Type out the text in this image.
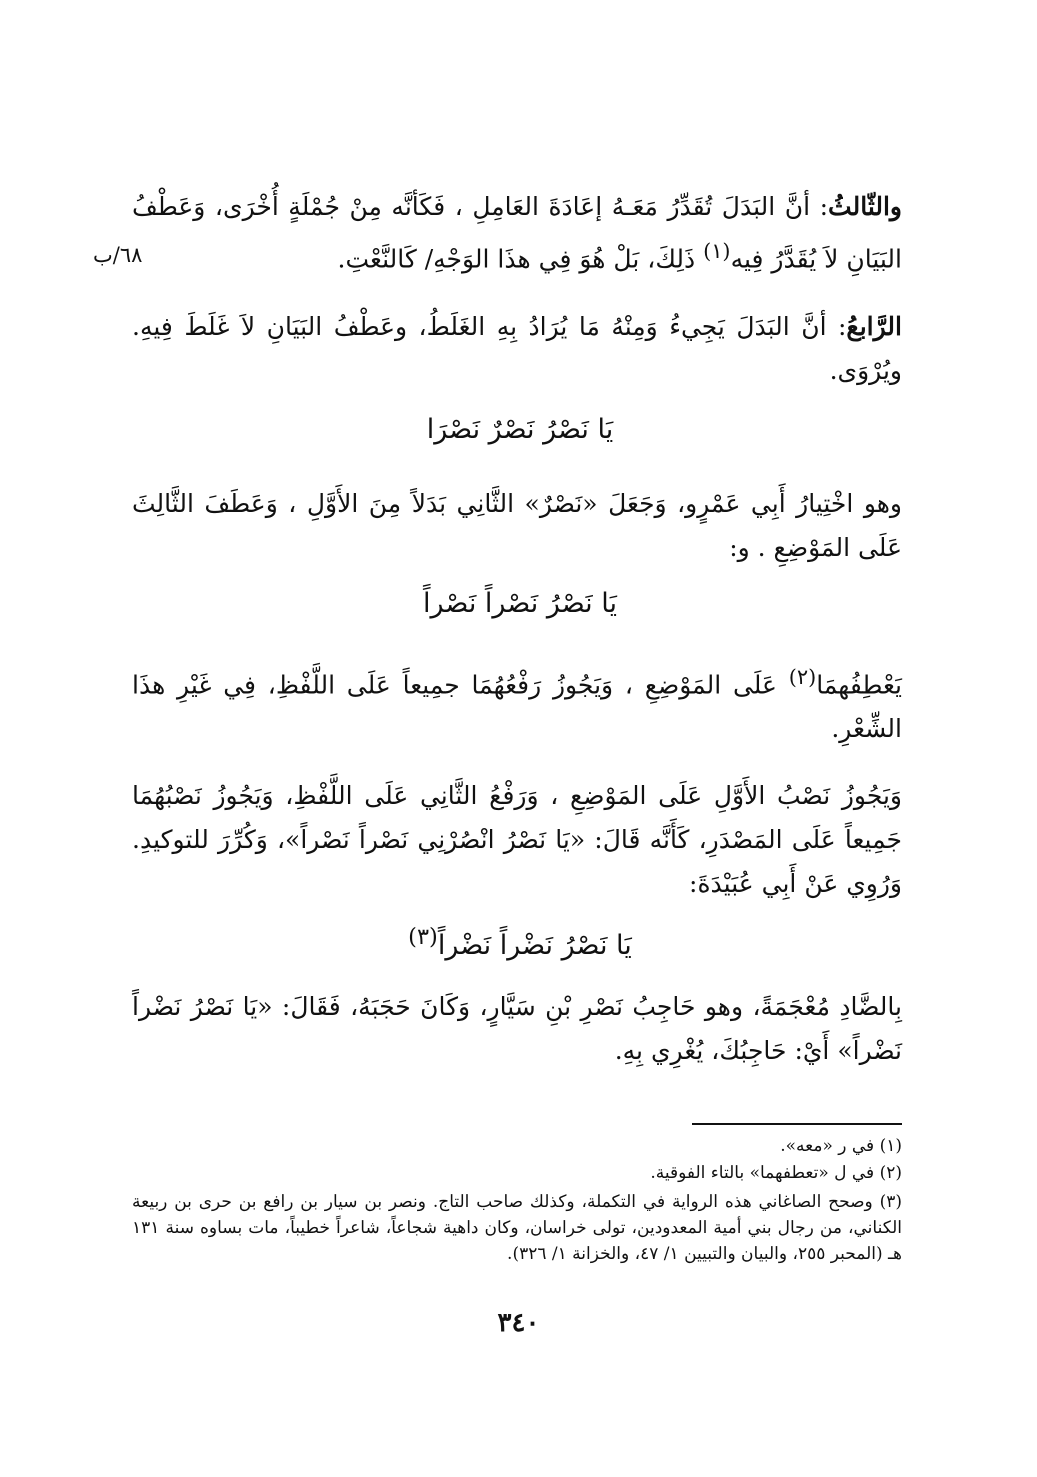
٦٨/ب

والثّالثُ: أنَّ البَدَلَ تُقَدِّرُ مَعَـهُ إعَادَةَ العَامِلِ ، فَكَأنَّه مِنْ جُمْلَةٍ أُخْرَى، وَعَطْفُ البَيَانِ لاَ يُقَدَّرُ فِيه$^{(١)}$ ذَلِكَ، بَلْ هُوَ فِي هذَا الوَجْهِ/ كَالنَّعْتِ.

الرَّابعُ: أنَّ البَدَلَ يَجِيءُ وَمِنْهُ مَا يُرَادُ بِهِ الغَلَطُ، وعَطْفُ البَيَانِ لاَ غَلَطَ فِيهِ. ويُرْوَى.

يَا نَصْرُ نَصْرٌ نَصْرَا

وهو اخْتِيارُ أَبِي عَمْرٍو، وَجَعَلَ «نَصْرٌ» الثَّانِي بَدَلاً مِنَ الأَوَّلِ ، وَعَطَفَ الثَّالِثَ عَلَى المَوْضِعِ . و:

يَا نَصْرُ نَصْراً نَصْراً

يَعْطِفُهمَا$^{(٢)}$ عَلَى المَوْضِعِ ، وَيَجُوزُ رَفْعُهُمَا جمِيعاً عَلَى اللَّفْظِ، فِي غَيْرِ هذَا الشِّعْرِ.

وَيَجُوزُ نَصْبُ الأَوَّلِ عَلَى المَوْضِعِ ، وَرَفْعُ الثَّانِي عَلَى اللَّفْظِ، وَيَجُوزُ نَصْبُهُمَا جَمِيعاً عَلَى المَصْدَرِ، كَأَنَّه قَالَ: «يَا نَصْرُ انْصُرْنِي نَصْراً نَصْراً»، وَكُرِّرَ للتوكيدِ. وَرُوِي عَنْ أَبِي عُبَيْدَةَ:

يَا نَصْرُ نَضْراً نَضْراً$^{(٣)}$

بِالضَّادِ مُعْجَمَةً، وهو حَاجِبُ نَصْرِ بْنِ سَيَّارٍ، وَكَانَ حَجَبَهُ، فَقَالَ: «يَا نَصْرُ نَضْراً نَضْراً» أَيْ: حَاجِبُكَ، يُغْرِي بِهِ.

(١) في ر «معه».

(٢) في ل «تعطفهما» بالتاء الفوقية.

(٣) وصحح الصاغاني هذه الرواية في التكملة، وكذلك صاحب التاج. ونصر بن سيار بن رافع بن حرى بن ربيعة الكناني، من رجال بني أمية المعدودين، تولى خراسان، وكان داهية شجاعاً، شاعراً خطيباً، مات بساوه سنة ١٣١ هـ (المحبر ٢٥٥، والبيان والتبيين ١/ ٤٧، والخزانة ١/ ٣٢٦).

٣٤٠
